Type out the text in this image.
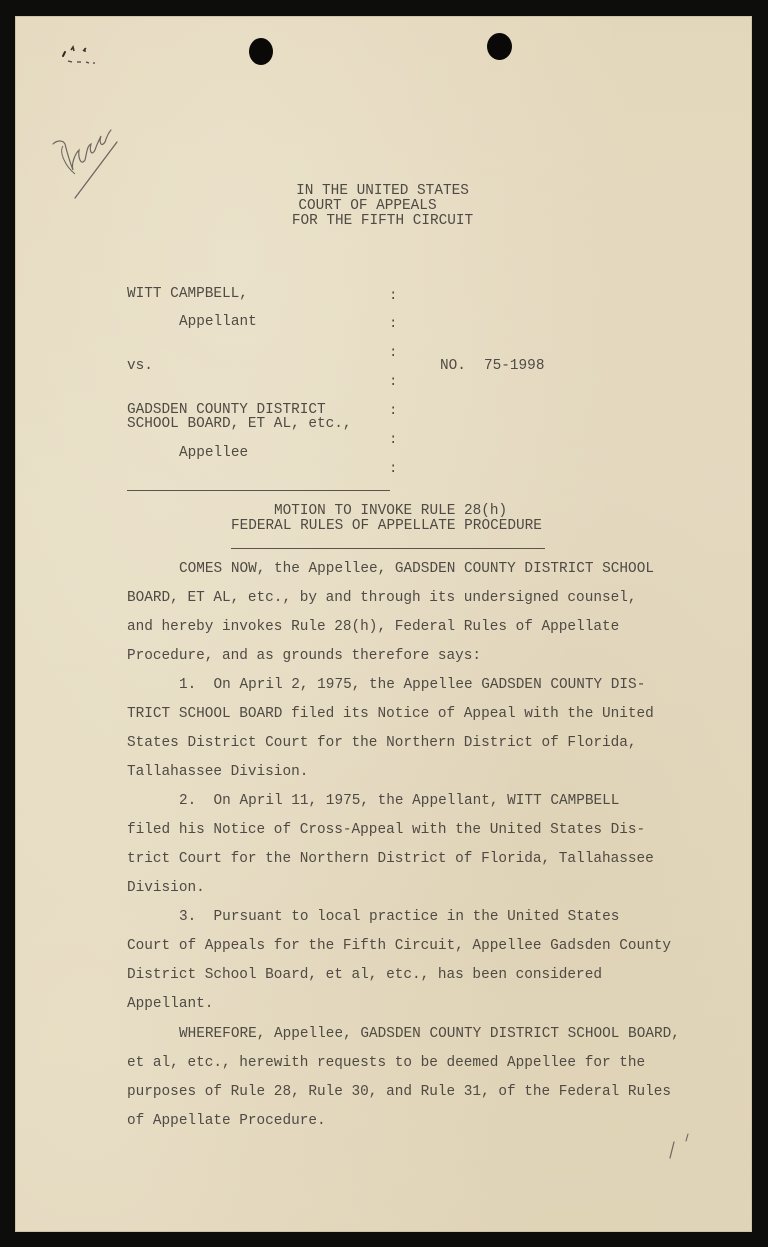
IN THE UNITED STATES
COURT OF APPEALS
FOR THE FIFTH CIRCUIT
WITT CAMPBELL,
Appellant
vs.
GADSDEN COUNTY DISTRICT
SCHOOL BOARD, ET AL, etc.,
Appellee
:
:
:
:
:
:
:
NO. 75-1998
MOTION TO INVOKE RULE 28(h)
FEDERAL RULES OF APPELLATE PROCEDURE
COMES NOW, the Appellee, GADSDEN COUNTY DISTRICT SCHOOL
BOARD, ET AL, etc., by and through its undersigned counsel,
and hereby invokes Rule 28(h), Federal Rules of Appellate
Procedure, and as grounds therefore says:
1.  On April 2, 1975, the Appellee GADSDEN COUNTY DIS-
TRICT SCHOOL BOARD filed its Notice of Appeal with the United
States District Court for the Northern District of Florida,
Tallahassee Division.
2.  On April 11, 1975, the Appellant, WITT CAMPBELL
filed his Notice of Cross-Appeal with the United States Dis-
trict Court for the Northern District of Florida, Tallahassee
Division.
3.  Pursuant to local practice in the United States
Court of Appeals for the Fifth Circuit, Appellee Gadsden County
District School Board, et al, etc., has been considered
Appellant.
WHEREFORE, Appellee, GADSDEN COUNTY DISTRICT SCHOOL BOARD,
et al, etc., herewith requests to be deemed Appellee for the
purposes of Rule 28, Rule 30, and Rule 31, of the Federal Rules
of Appellate Procedure.
